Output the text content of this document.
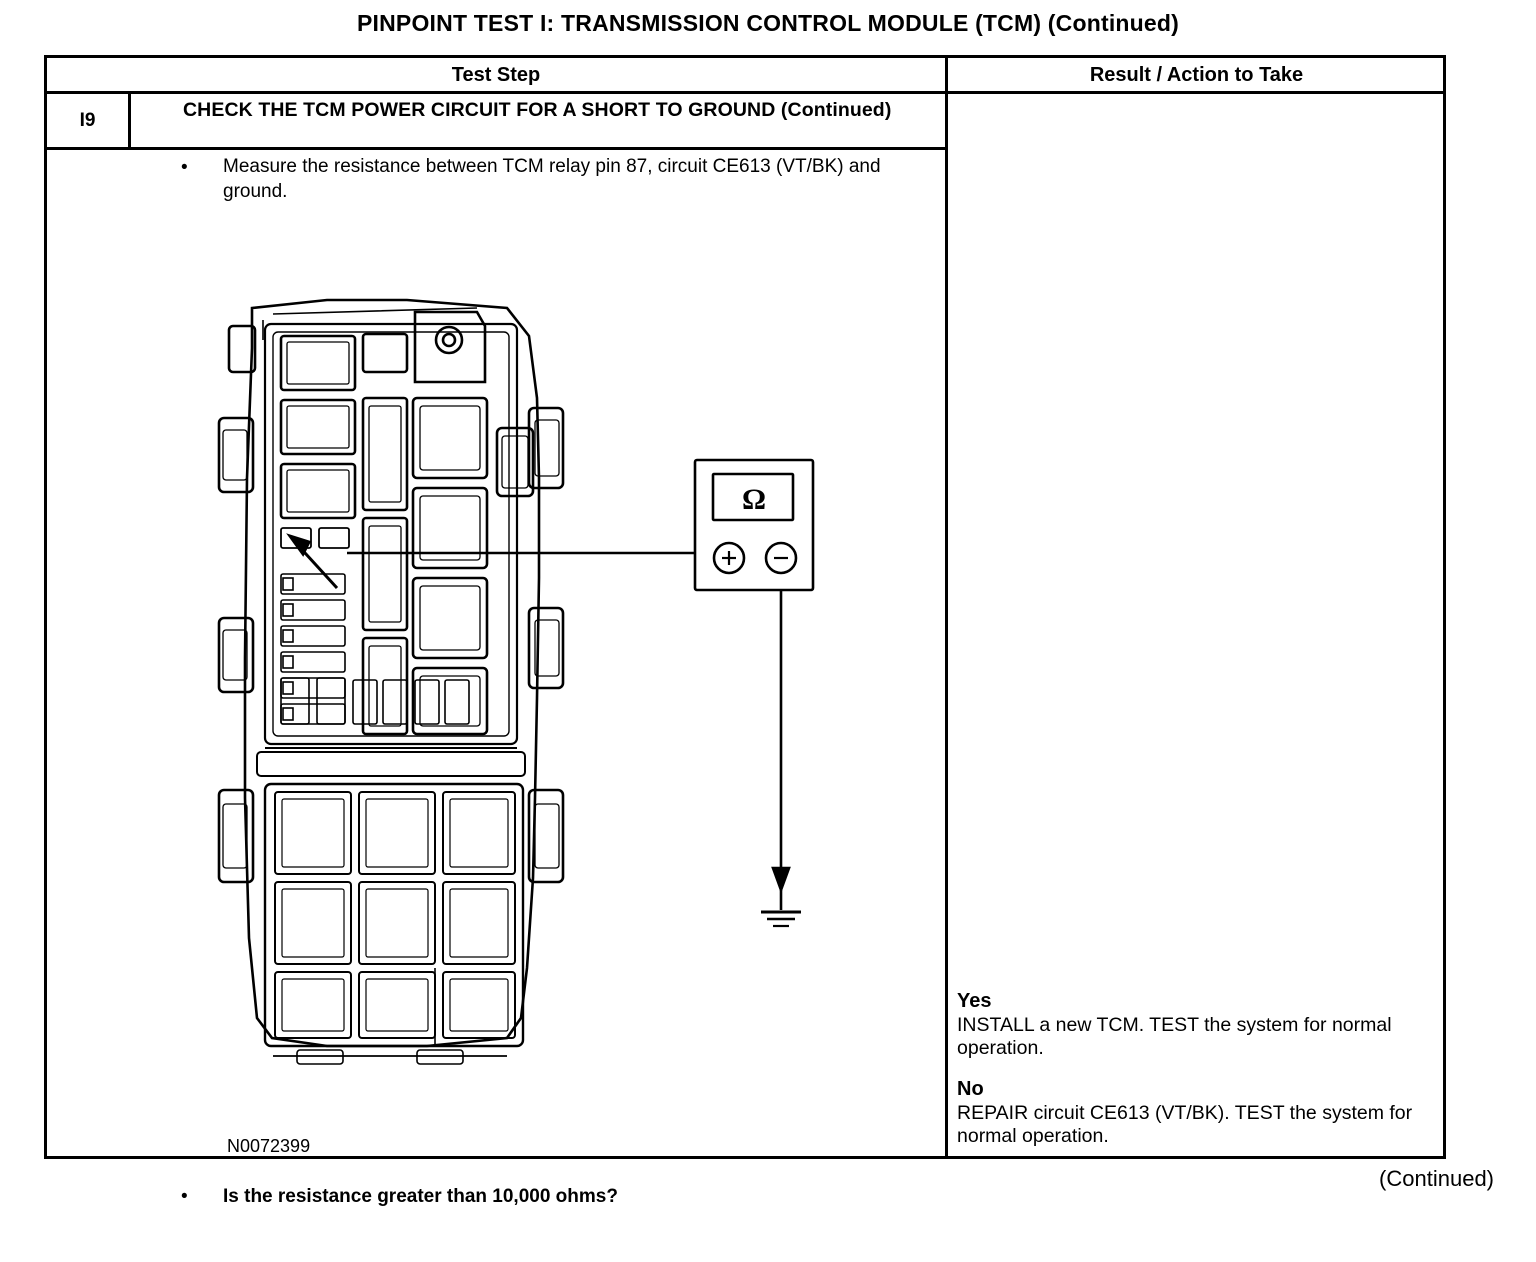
PINPOINT TEST I: TRANSMISSION CONTROL MODULE (TCM) (Continued)
Test Step	Result / Action to Take
I9	CHECK THE TCM POWER CIRCUIT FOR A SHORT TO GROUND (Continued)
• Measure the resistance between TCM relay pin 87, circuit CE613 (VT/BK) and ground.
Ω
N0072399
• Is the resistance greater than 10,000 ohms?
Yes
INSTALL a new TCM. TEST the system for normal operation.
No
REPAIR circuit CE613 (VT/BK). TEST the system for normal operation.
(Continued)
